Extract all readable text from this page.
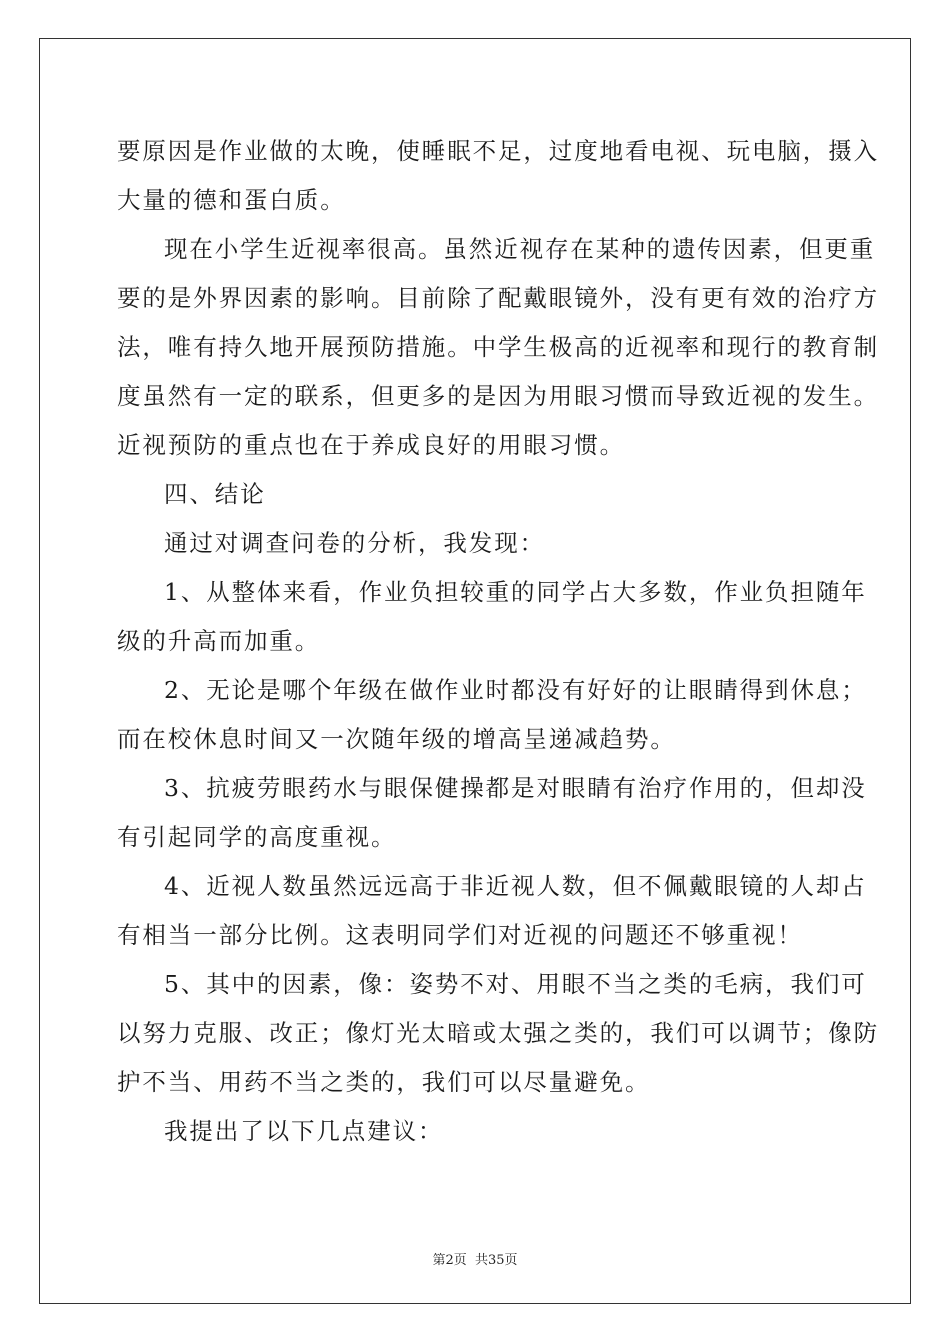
要原因是作业做的太晚，使睡眠不足，过度地看电视、玩电脑，摄入
大量的德和蛋白质。
现在小学生近视率很高。虽然近视存在某种的遗传因素，但更重
要的是外界因素的影响。目前除了配戴眼镜外，没有更有效的治疗方
法，唯有持久地开展预防措施。中学生极高的近视率和现行的教育制
度虽然有一定的联系，但更多的是因为用眼习惯而导致近视的发生。
近视预防的重点也在于养成良好的用眼习惯。
四、结论
通过对调查问卷的分析，我发现：
1、从整体来看，作业负担较重的同学占大多数，作业负担随年
级的升高而加重。
2、无论是哪个年级在做作业时都没有好好的让眼睛得到休息；
而在校休息时间又一次随年级的增高呈递减趋势。
3、抗疲劳眼药水与眼保健操都是对眼睛有治疗作用的，但却没
有引起同学的高度重视。
4、近视人数虽然远远高于非近视人数，但不佩戴眼镜的人却占
有相当一部分比例。这表明同学们对近视的问题还不够重视！
5、其中的因素，像：姿势不对、用眼不当之类的毛病，我们可
以努力克服、改正；像灯光太暗或太强之类的，我们可以调节；像防
护不当、用药不当之类的，我们可以尽量避免。
我提出了以下几点建议：
第2页 共35页
